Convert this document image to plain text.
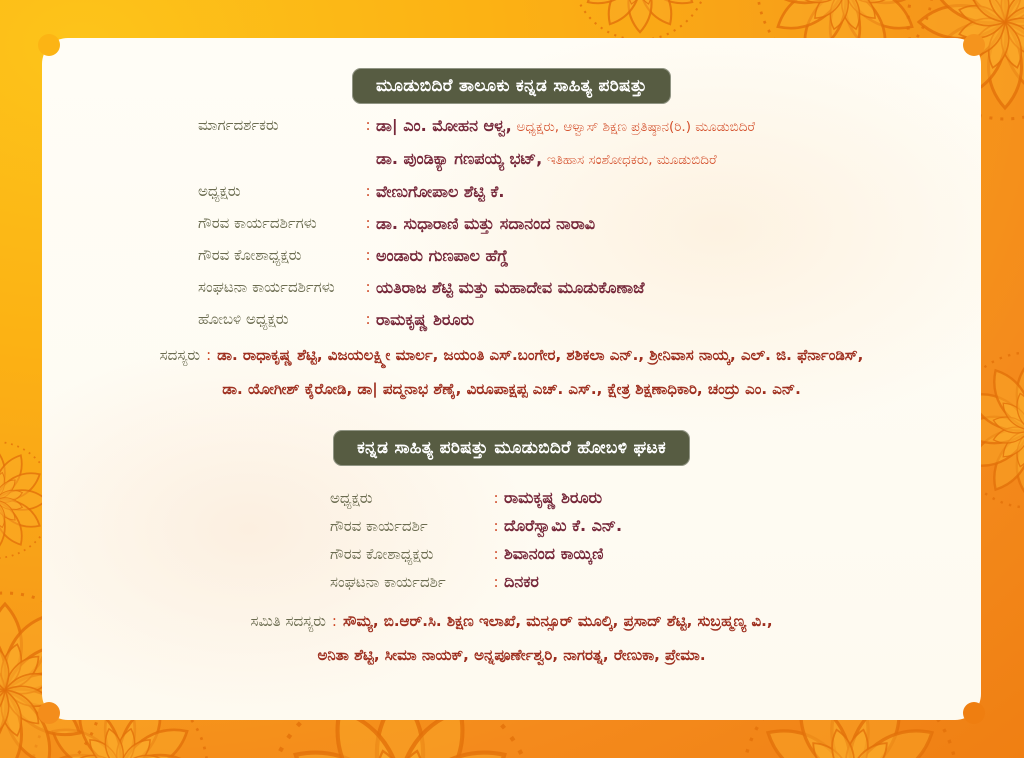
ಮೂಡುಬಿದಿರೆ ತಾಲೂಕು ಕನ್ನಡ ಸಾಹಿತ್ಯ ಪರಿಷತ್ತು
ಮಾರ್ಗದರ್ಶಕರು	: ಡಾ| ಎಂ. ಮೋಹನ ಆಳ್ವ, ಅಧ್ಯಕ್ಷರು, ಆಳ್ವಾಸ್ ಶಿಕ್ಷಣ ಪ್ರತಿಷ್ಠಾನ(ರಿ.) ಮೂಡುಬಿದಿರೆ
ಡಾ. ಪುಂಡಿಕ್ಯಾ ಗಣಪಯ್ಯ ಭಟ್, ಇತಿಹಾಸ ಸಂಶೋಧಕರು, ಮೂಡುಬಿದಿರೆ
ಅಧ್ಯಕ್ಷರು	: ವೇಣುಗೋಪಾಲ ಶೆಟ್ಟಿ ಕೆ.
ಗೌರವ ಕಾರ್ಯದರ್ಶಿಗಳು	: ಡಾ. ಸುಧಾರಾಣಿ ಮತ್ತು ಸದಾನಂದ ನಾರಾವಿ
ಗೌರವ ಕೋಶಾಧ್ಯಕ್ಷರು	: ಅಂಡಾರು ಗುಣಪಾಲ ಹೆಗ್ಡೆ
ಸಂಘಟನಾ ಕಾರ್ಯದರ್ಶಿಗಳು	: ಯತಿರಾಜ ಶೆಟ್ಟಿ ಮತ್ತು ಮಹಾದೇವ ಮೂಡುಕೊಣಾಜೆ
ಹೋಬಳಿ ಅಧ್ಯಕ್ಷರು	: ರಾಮಕೃಷ್ಣ ಶಿರೂರು
ಸದಸ್ಯರು : ಡಾ. ರಾಧಾಕೃಷ್ಣ ಶೆಟ್ಟಿ, ವಿಜಯಲಕ್ಷ್ಮೀ ಮಾರ್ಲ, ಜಯಂತಿ ಎಸ್.ಬಂಗೇರ, ಶಶಿಕಲಾ ಎನ್., ಶ್ರೀನಿವಾಸ ನಾಯ್ಕ, ಎಲ್. ಜಿ. ಫೆರ್ನಾಂಡಿಸ್,
ಡಾ. ಯೋಗೀಶ್ ಕೈರೋಡಿ, ಡಾ| ಪದ್ಮನಾಭ ಶೆಣೈ, ವಿರೂಪಾಕ್ಷಪ್ಪ ಎಚ್. ಎಸ್., ಕ್ಷೇತ್ರ ಶಿಕ್ಷಣಾಧಿಕಾರಿ, ಚಂದ್ರು ಎಂ. ಎನ್.
ಕನ್ನಡ ಸಾಹಿತ್ಯ ಪರಿಷತ್ತು ಮೂಡುಬಿದಿರೆ ಹೋಬಳಿ ಘಟಕ
ಅಧ್ಯಕ್ಷರು	: ರಾಮಕೃಷ್ಣ ಶಿರೂರು
ಗೌರವ ಕಾರ್ಯದರ್ಶಿ	: ದೊರೆಸ್ವಾಮಿ ಕೆ. ಎನ್.
ಗೌರವ ಕೋಶಾಧ್ಯಕ್ಷರು	: ಶಿವಾನಂದ ಕಾಯ್ಕಿಣಿ
ಸಂಘಟನಾ ಕಾರ್ಯದರ್ಶಿ	: ದಿನಕರ
ಸಮಿತಿ ಸದಸ್ಯರು : ಸೌಮ್ಯ, ಬಿ.ಆರ್.ಸಿ. ಶಿಕ್ಷಣ ಇಲಾಖೆ, ಮನ್ಸೂರ್ ಮೂಲ್ಕಿ, ಪ್ರಸಾದ್ ಶೆಟ್ಟಿ, ಸುಬ್ರಹ್ಮಣ್ಯ ವಿ.,
ಅನಿತಾ ಶೆಟ್ಟಿ, ಸೀಮಾ ನಾಯಕ್, ಅನ್ನಪೂರ್ಣೇಶ್ವರಿ, ನಾಗರತ್ನ, ರೇಣುಕಾ, ಪ್ರೇಮಾ.
